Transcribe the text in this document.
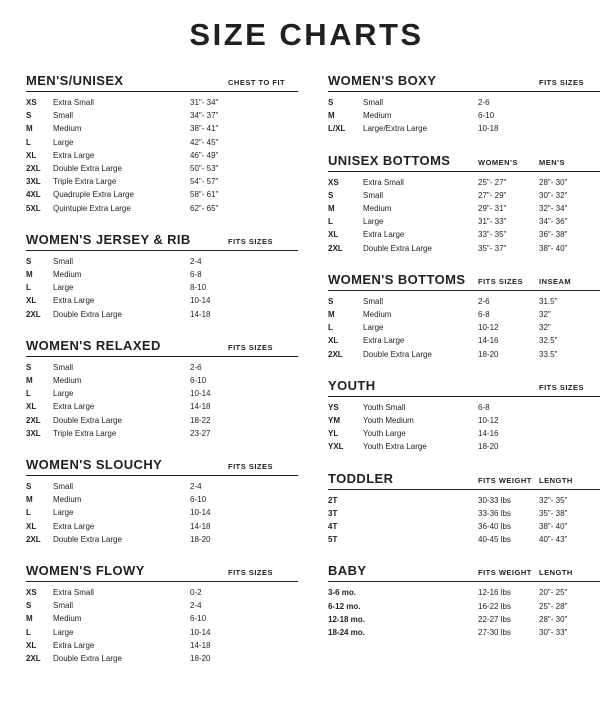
SIZE CHARTS
MEN'S/UNISEX	CHEST TO FIT
XS	Extra Small	31"- 34"
S	Small	34"- 37"
M	Medium	38"- 41"
L	Large	42"- 45"
XL	Extra Large	46"- 49"
2XL	Double Extra Large	50"- 53"
3XL	Triple Extra Large	54"- 57"
4XL	Quadruple Extra Large	58"- 61"
5XL	Quintuple Extra Large	62"- 65"
WOMEN'S JERSEY & RIB	FITS SIZES
S	Small	2-4
M	Medium	6-8
L	Large	8-10
XL	Extra Large	10-14
2XL	Double Extra Large	14-18
WOMEN'S RELAXED	FITS SIZES
S	Small	2-6
M	Medium	6-10
L	Large	10-14
XL	Extra Large	14-18
2XL	Double Extra Large	18-22
3XL	Triple Extra Large	23-27
WOMEN'S SLOUCHY	FITS SIZES
S	Small	2-4
M	Medium	6-10
L	Large	10-14
XL	Extra Large	14-18
2XL	Double Extra Large	18-20
WOMEN'S FLOWY	FITS SIZES
XS	Extra Small	0-2
S	Small	2-4
M	Medium	6-10
L	Large	10-14
XL	Extra Large	14-18
2XL	Double Extra Large	18-20
WOMEN'S BOXY	FITS SIZES
S	Small	2-6
M	Medium	6-10
L/XL	Large/Extra Large	10-18
UNISEX BOTTOMS	WOMEN'S	MEN'S
XS	Extra Small	25"- 27"	28"- 30"
S	Small	27"- 29"	30"- 32"
M	Medium	29"- 31"	32"- 34"
L	Large	31"- 33"	34"- 36"
XL	Extra Large	33"- 35"	36"- 38"
2XL	Double Extra Large	35"- 37"	38"- 40"
WOMEN'S BOTTOMS	FITS SIZES	INSEAM
S	Small	2-6	31.5"
M	Medium	6-8	32"
L	Large	10-12	32"
XL	Extra Large	14-16	32.5"
2XL	Double Extra Large	18-20	33.5"
YOUTH	FITS SIZES
YS	Youth Small	6-8
YM	Youth Medium	10-12
YL	Youth Large	14-16
YXL	Youth Extra Large	18-20
TODDLER	FITS WEIGHT LENGTH
2T	30-33 lbs	32"- 35"
3T	33-36 lbs	35"- 38"
4T	36-40 lbs	38"- 40"
5T	40-45 lbs	40"- 43"
BABY	FITS WEIGHT LENGTH
3-6 mo.	12-16 lbs	20"- 25"
6-12 mo.	16-22 lbs	25"- 28"
12-18 mo.	22-27 lbs	28"- 30"
18-24 mo.	27-30 lbs	30"- 33"
